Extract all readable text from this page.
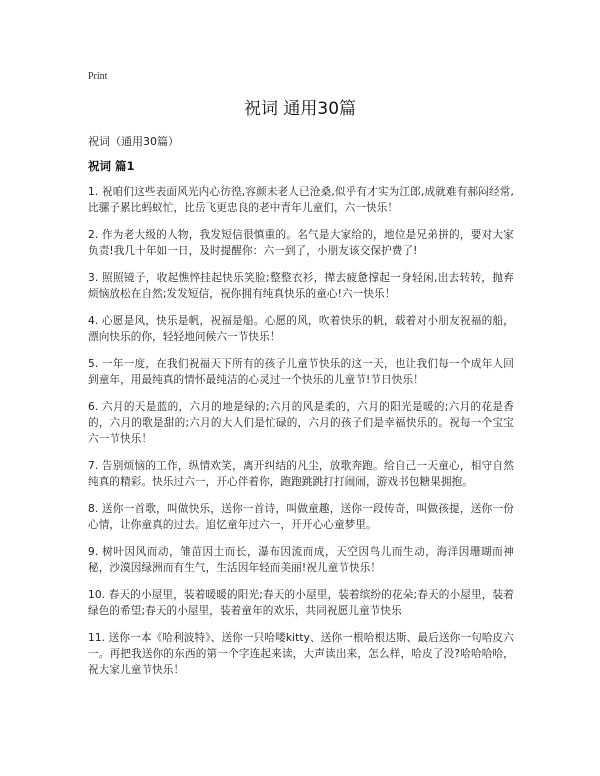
Print
祝词 通用30篇
祝词（通用30篇）
祝词 篇1

1. 祝咱们这些表面风光内心彷徨,容颜未老人已沧桑,似乎有才实为江郎,成就难有郝闷经常,比骡子累比蚂蚁忙，比岳飞更忠良的老中青年儿童们，六一快乐！

2. 作为老大级的人物，我发短信很慎重的。名气是大家给的，地位是兄弟拼的，要对大家负责!我几十年如一日，及时提醒你：六一到了，小朋友该交保护费了!

3. 照照镜子，收起憔悴挂起快乐笑脸;整整衣衫，撵去疲惫撑起一身轻闲,出去转转，抛弃烦恼放松在自然;发发短信，祝你拥有纯真快乐的童心!六一快乐！

4. 心愿是风，快乐是帆，祝福是船。心愿的风，吹着快乐的帆，载着对小朋友祝福的船，漂向快乐的你，轻轻地问候六一节快乐！

5. 一年一度，在我们祝福天下所有的孩子儿童节快乐的这一天，也让我们每一个成年人回到童年，用最纯真的情怀最纯洁的心灵过一个快乐的儿童节!节日快乐！

6. 六月的天是蓝的，六月的地是绿的;六月的风是柔的，六月的阳光是暖的;六月的花是香的，六月的歌是甜的;六月的大人们是忙碌的，六月的孩子们是幸福快乐的。祝每一个宝宝六一节快乐！

7. 告别烦恼的工作，纵情欢笑，离开纠结的凡尘，放歌奔跑。给自己一天童心，相守自然纯真的精彩。快乐过六一，开心伴着你，跑跑跳跳打打闹闹，游戏书包糖果拥抱。

8. 送你一首歌，叫做快乐，送你一首诗，叫做童趣，送你一段传奇，叫做孩提，送你一份心情，让你童真的过去。追忆童年过六一，开开心心童梦里。

9. 树叶因风而动，雏苗因土而长，瀑布因流而成，天空因鸟儿而生动，海洋因珊瑚而神秘，沙漠因绿洲而有生气，生活因年轻而美丽!祝儿童节快乐！

10. 春天的小屋里，装着暖暖的阳光;春天的小屋里，装着缤纷的花朵;春天的小屋里，装着绿色的希望;春天的小屋里，装着童年的欢乐，共同祝愿儿童节快乐

11. 送你一本《哈利波特》、送你一只哈喽kitty、送你一根哈根达斯、最后送你一句哈皮六一。再把我送你的东西的第一个字连起来读，大声读出来，怎么样，哈皮了没?哈哈哈哈，祝大家儿童节快乐！
